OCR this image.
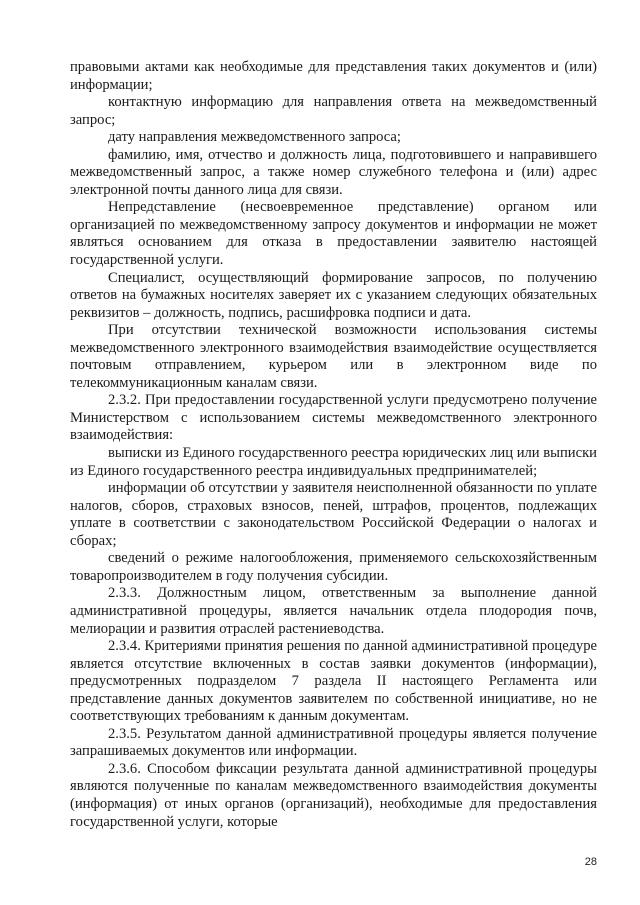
правовыми актами как необходимые для представления таких документов и (или) информации;

контактную информацию для направления ответа на межведомственный запрос;

дату направления межведомственного запроса;

фамилию, имя, отчество и должность лица, подготовившего и направившего межведомственный запрос, а также номер служебного телефона и (или) адрес электронной почты данного лица для связи.

Непредставление (несвоевременное представление) органом или организацией по межведомственному запросу документов и информации не может являться основанием для отказа в предоставлении заявителю настоящей государственной услуги.

Специалист, осуществляющий формирование запросов, по получению ответов на бумажных носителях заверяет их с указанием следующих обязательных реквизитов – должность, подпись, расшифровка подписи и дата.

При отсутствии технической возможности использования системы межведомственного электронного взаимодействия взаимодействие осуществляется почтовым отправлением, курьером или в электронном виде по телекоммуникационным каналам связи.

2.3.2. При предоставлении государственной услуги предусмотрено получение Министерством с использованием системы межведомственного электронного взаимодействия:

выписки из Единого государственного реестра юридических лиц или выписки из Единого государственного реестра индивидуальных предпринимателей;

информации об отсутствии у заявителя неисполненной обязанности по уплате налогов, сборов, страховых взносов, пеней, штрафов, процентов, подлежащих уплате в соответствии с законодательством Российской Федерации о налогах и сборах;

сведений о режиме налогообложения, применяемого сельскохозяйственным товаропроизводителем в году получения субсидии.

2.3.3. Должностным лицом, ответственным за выполнение данной административной процедуры, является начальник отдела плодородия почв, мелиорации и развития отраслей растениеводства.

2.3.4. Критериями принятия решения по данной административной процедуре является отсутствие включенных в состав заявки документов (информации), предусмотренных подразделом 7 раздела II настоящего Регламента или представление данных документов заявителем по собственной инициативе, но не соответствующих требованиям к данным документам.

2.3.5. Результатом данной административной процедуры является получение запрашиваемых документов или информации.

2.3.6. Способом фиксации результата данной административной процедуры являются полученные по каналам межведомственного взаимодействия документы (информация) от иных органов (организаций), необходимые для предоставления государственной услуги, которые

28
